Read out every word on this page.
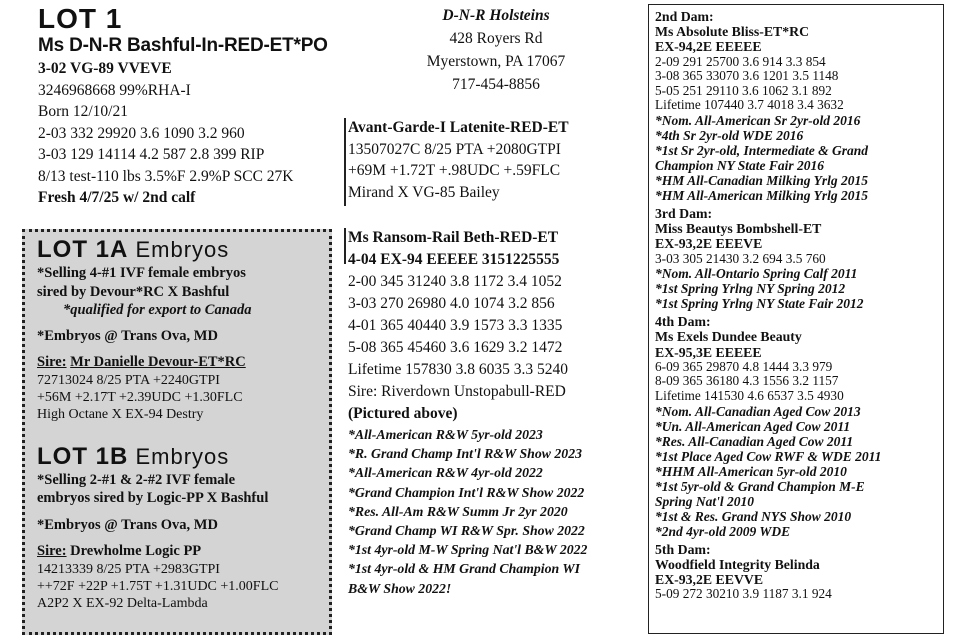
LOT 1
Ms D-N-R Bashful-In-RED-ET*PO
3-02 VG-89 VVEVE
3246968668 99%RHA-I
Born 12/10/21
2-03 332 29920 3.6 1090 3.2 960
3-03 129 14114 4.2 587 2.8 399 RIP
8/13 test-110 lbs 3.5%F 2.9%P SCC 27K
Fresh 4/7/25 w/ 2nd calf
LOT 1A Embryos
*Selling 4-#1 IVF female embryos
sired by Devour*RC X Bashful
*qualified for export to Canada
*Embryos @ Trans Ova, MD
Sire: Mr Danielle Devour-ET*RC
72713024 8/25 PTA +2240GTPI
+56M +2.17T +2.39UDC +1.30FLC
High Octane X EX-94 Destry
LOT 1B Embryos
*Selling 2-#1 & 2-#2 IVF female
embryos sired by Logic-PP X Bashful
*Embryos @ Trans Ova, MD
Sire: Drewholme Logic PP
14213339 8/25 PTA +2983GTPI
++72F +22P +1.75T +1.31UDC +1.00FLC
A2P2 X EX-92 Delta-Lambda
D-N-R Holsteins
428 Royers Rd
Myerstown, PA 17067
717-454-8856
Avant-Garde-I Latenite-RED-ET
13507027C 8/25 PTA +2080GTPI
+69M +1.72T +.98UDC +.59FLC
Mirand X VG-85 Bailey
Ms Ransom-Rail Beth-RED-ET
4-04 EX-94 EEEEE 3151225555
2-00 345 31240 3.8 1172 3.4 1052
3-03 270 26980 4.0 1074 3.2 856
4-01 365 40440 3.9 1573 3.3 1335
5-08 365 45460 3.6 1629 3.2 1472
Lifetime 157830 3.8 6035 3.3 5240
Sire: Riverdown Unstopabull-RED
(Pictured above)
*All-American R&W 5yr-old 2023
*R. Grand Champ Int'l R&W Show 2023
*All-American R&W 4yr-old 2022
*Grand Champion Int'l R&W Show 2022
*Res. All-Am R&W Summ Jr 2yr 2020
*Grand Champ WI R&W Spr. Show 2022
*1st 4yr-old M-W Spring Nat'l B&W 2022
*1st 4yr-old & HM Grand Champion WI
B&W Show 2022!
2nd Dam:
Ms Absolute Bliss-ET*RC
EX-94,2E EEEEE
2-09 291 25700 3.6 914 3.3 854
3-08 365 33070 3.6 1201 3.5 1148
5-05 251 29110 3.6 1062 3.1 892
Lifetime 107440 3.7 4018 3.4 3632
*Nom. All-American Sr 2yr-old 2016
*4th Sr 2yr-old WDE 2016
*1st Sr 2yr-old, Intermediate & Grand
Champion NY State Fair 2016
*HM All-Canadian Milking Yrlg 2015
*HM All-American Milking Yrlg 2015
3rd Dam:
Miss Beautys Bombshell-ET
EX-93,2E EEEVE
3-03 305 21430 3.2 694 3.5 760
*Nom. All-Ontario Spring Calf 2011
*1st Spring Yrlng NY Spring 2012
*1st Spring Yrlng NY State Fair 2012
4th Dam:
Ms Exels Dundee Beauty
EX-95,3E EEEEE
6-09 365 29870 4.8 1444 3.3 979
8-09 365 36180 4.3 1556 3.2 1157
Lifetime 141530 4.6 6537 3.5 4930
*Nom. All-Canadian Aged Cow 2013
*Un. All-American Aged Cow 2011
*Res. All-Canadian Aged Cow 2011
*1st Place Aged Cow RWF & WDE 2011
*HHM All-American 5yr-old 2010
*1st 5yr-old & Grand Champion M-E
Spring Nat'l 2010
*1st & Res. Grand NYS Show 2010
*2nd 4yr-old 2009 WDE
5th Dam:
Woodfield Integrity Belinda
EX-93,2E EEVVE
5-09 272 30210 3.9 1187 3.1 924
